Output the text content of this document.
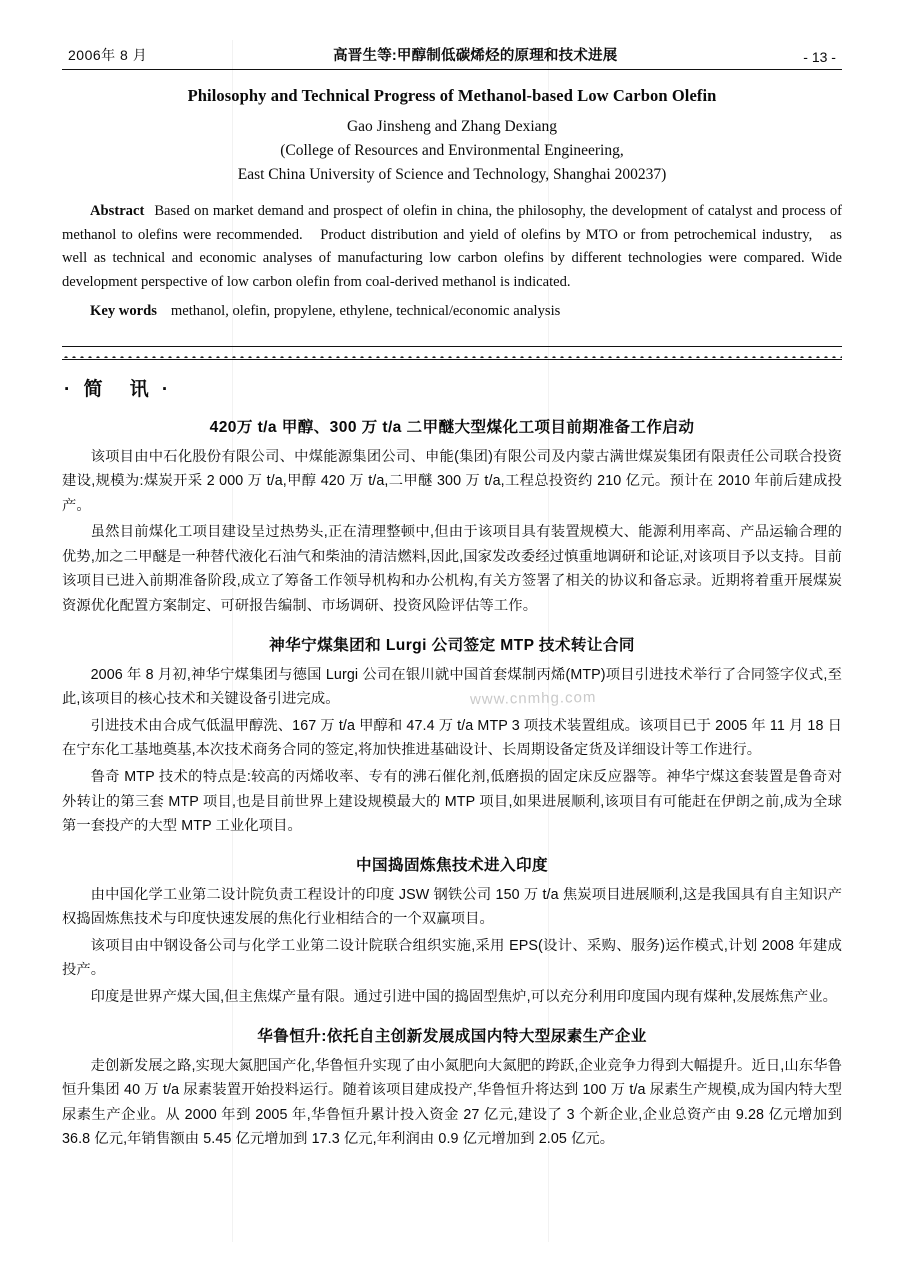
2006年 8 月	高晋生等:甲醇制低碳烯烃的原理和技术进展	- 13 -
Philosophy and Technical Progress of Methanol-based Low Carbon Olefin
Gao Jinsheng and Zhang Dexiang
(College of Resources and Environmental Engineering,
East China University of Science and Technology, Shanghai 200237)
Abstract Based on market demand and prospect of olefin in china, the philosophy, the development of catalyst and process of methanol to olefins were recommended.　Product distribution and yield of olefins by MTO or from petrochemical industry,　as well as technical and economic analyses of manufacturing low carbon olefins by different technologies were compared. Wide development perspective of low carbon olefin from coal-derived methanol is indicated.
Key words methanol, olefin, propylene, ethylene, technical/economic analysis
· 简　讯 ·
420万 t/a 甲醇、300 万 t/a 二甲醚大型煤化工项目前期准备工作启动

该项目由中石化股份有限公司、中煤能源集团公司、申能(集团)有限公司及内蒙古满世煤炭集团有限责任公司联合投资建设,规模为:煤炭开采 2 000 万 t/a,甲醇 420 万 t/a,二甲醚 300 万 t/a,工程总投资约 210 亿元。预计在 2010 年前后建成投产。

虽然目前煤化工项目建设呈过热势头,正在清理整顿中,但由于该项目具有装置规模大、能源利用率高、产品运输合理的优势,加之二甲醚是一种替代液化石油气和柴油的清洁燃料,因此,国家发改委经过慎重地调研和论证,对该项目予以支持。目前该项目已进入前期准备阶段,成立了筹备工作领导机构和办公机构,有关方签署了相关的协议和备忘录。近期将着重开展煤炭资源优化配置方案制定、可研报告编制、市场调研、投资风险评估等工作。

神华宁煤集团和 Lurgi 公司签定 MTP 技术转让合同

2006 年 8 月初,神华宁煤集团与德国 Lurgi 公司在银川就中国首套煤制丙烯(MTP)项目引进技术举行了合同签字仪式,至此,该项目的核心技术和关键设备引进完成。

引进技术由合成气低温甲醇洗、167 万 t/a 甲醇和 47.4 万 t/a MTP 3 项技术装置组成。该项目已于 2005 年 11 月 18 日在宁东化工基地奠基,本次技术商务合同的签定,将加快推进基础设计、长周期设备定货及详细设计等工作进行。

鲁奇 MTP 技术的特点是:较高的丙烯收率、专有的沸石催化剂,低磨损的固定床反应器等。神华宁煤这套装置是鲁奇对外转让的第三套 MTP 项目,也是目前世界上建设规模最大的 MTP 项目,如果进展顺利,该项目有可能赶在伊朗之前,成为全球第一套投产的大型 MTP 工业化项目。

中国捣固炼焦技术进入印度

由中国化学工业第二设计院负责工程设计的印度 JSW 钢铁公司 150 万 t/a 焦炭项目进展顺利,这是我国具有自主知识产权捣固炼焦技术与印度快速发展的焦化行业相结合的一个双赢项目。

该项目由中钢设备公司与化学工业第二设计院联合组织实施,采用 EPS(设计、采购、服务)运作模式,计划 2008 年建成投产。

印度是世界产煤大国,但主焦煤产量有限。通过引进中国的捣固型焦炉,可以充分利用印度国内现有煤种,发展炼焦产业。

华鲁恒升:依托自主创新发展成国内特大型尿素生产企业

走创新发展之路,实现大氮肥国产化,华鲁恒升实现了由小氮肥向大氮肥的跨跃,企业竞争力得到大幅提升。近日,山东华鲁恒升集团 40 万 t/a 尿素装置开始投料运行。随着该项目建成投产,华鲁恒升将达到 100 万 t/a 尿素生产规模,成为国内特大型尿素生产企业。从 2000 年到 2005 年,华鲁恒升累计投入资金 27 亿元,建设了 3 个新企业,企业总资产由 9.28 亿元增加到 36.8 亿元,年销售额由 5.45 亿元增加到 17.3 亿元,年利润由 0.9 亿元增加到 2.05 亿元。

www.cnmhg.com
